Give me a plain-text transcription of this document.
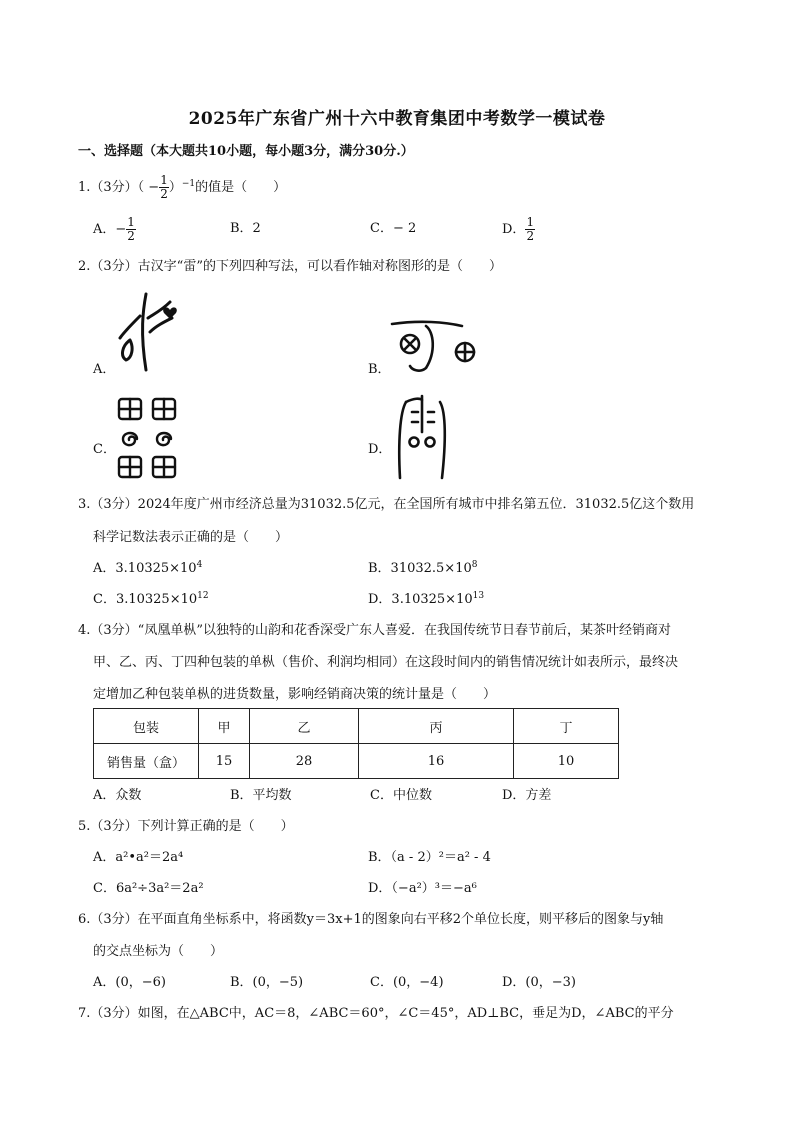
2025年广东省广州十六中教育集团中考数学一模试卷
一、选择题（本大题共10小题，每小题3分，满分30分.）
1.（3分）（ − $\frac{1}{2} )^{-1}$的值是（　　）
A．− $\frac{1}{2}$	B．2	C．− 2	D． $\frac{1}{2}$
2.（3分）古汉字“雷”的下列四种写法，可以看作轴对称图形的是（　　）
A．	B．
C．	D．
3.（3分）2024年度广州市经济总量为31032.5亿元，在全国所有城市中排名第五位．31032.5亿这个数用
科学记数法表示正确的是（　　）
A．$3.10325\times 10^4$	B．$31032.5\times 10^8$
C．$3.10325\times 10^{12}$	D．$3.10325\times 10^{13}$
4.（3分）“凤凰单枞”以独特的山韵和花香深受广东人喜爱．在我国传统节日春节前后，某茶叶经销商对
甲、乙、丙、丁四种包装的单枞（售价、利润均相同）在这段时间内的销售情况统计如表所示，最终决
定增加乙种包装单枞的进货数量，影响经销商决策的统计量是（　　）
包装	甲	乙	丙	丁
销售量（盒）	15	28	16	10
A．众数	B．平均数	C．中位数	D．方差
5.（3分）下列计算正确的是（　　）
A．a²•a²＝2a⁴	B．（a - 2）²＝a² - 4
C．6a²÷3a²＝2a²	D．（−a²）³＝−a⁶
6.（3分）在平面直角坐标系中，将函数y＝3x+1的图象向右平移2个单位长度，则平移后的图象与y轴
的交点坐标为（　　）
A．(0，−6)	B．(0，−5)	C．(0，−4)	D．(0，−3)
7.（3分）如图，在△ABC中，AC＝8，∠ABC＝60°，∠C＝45°，AD⊥BC，垂足为D，∠ABC的平分
